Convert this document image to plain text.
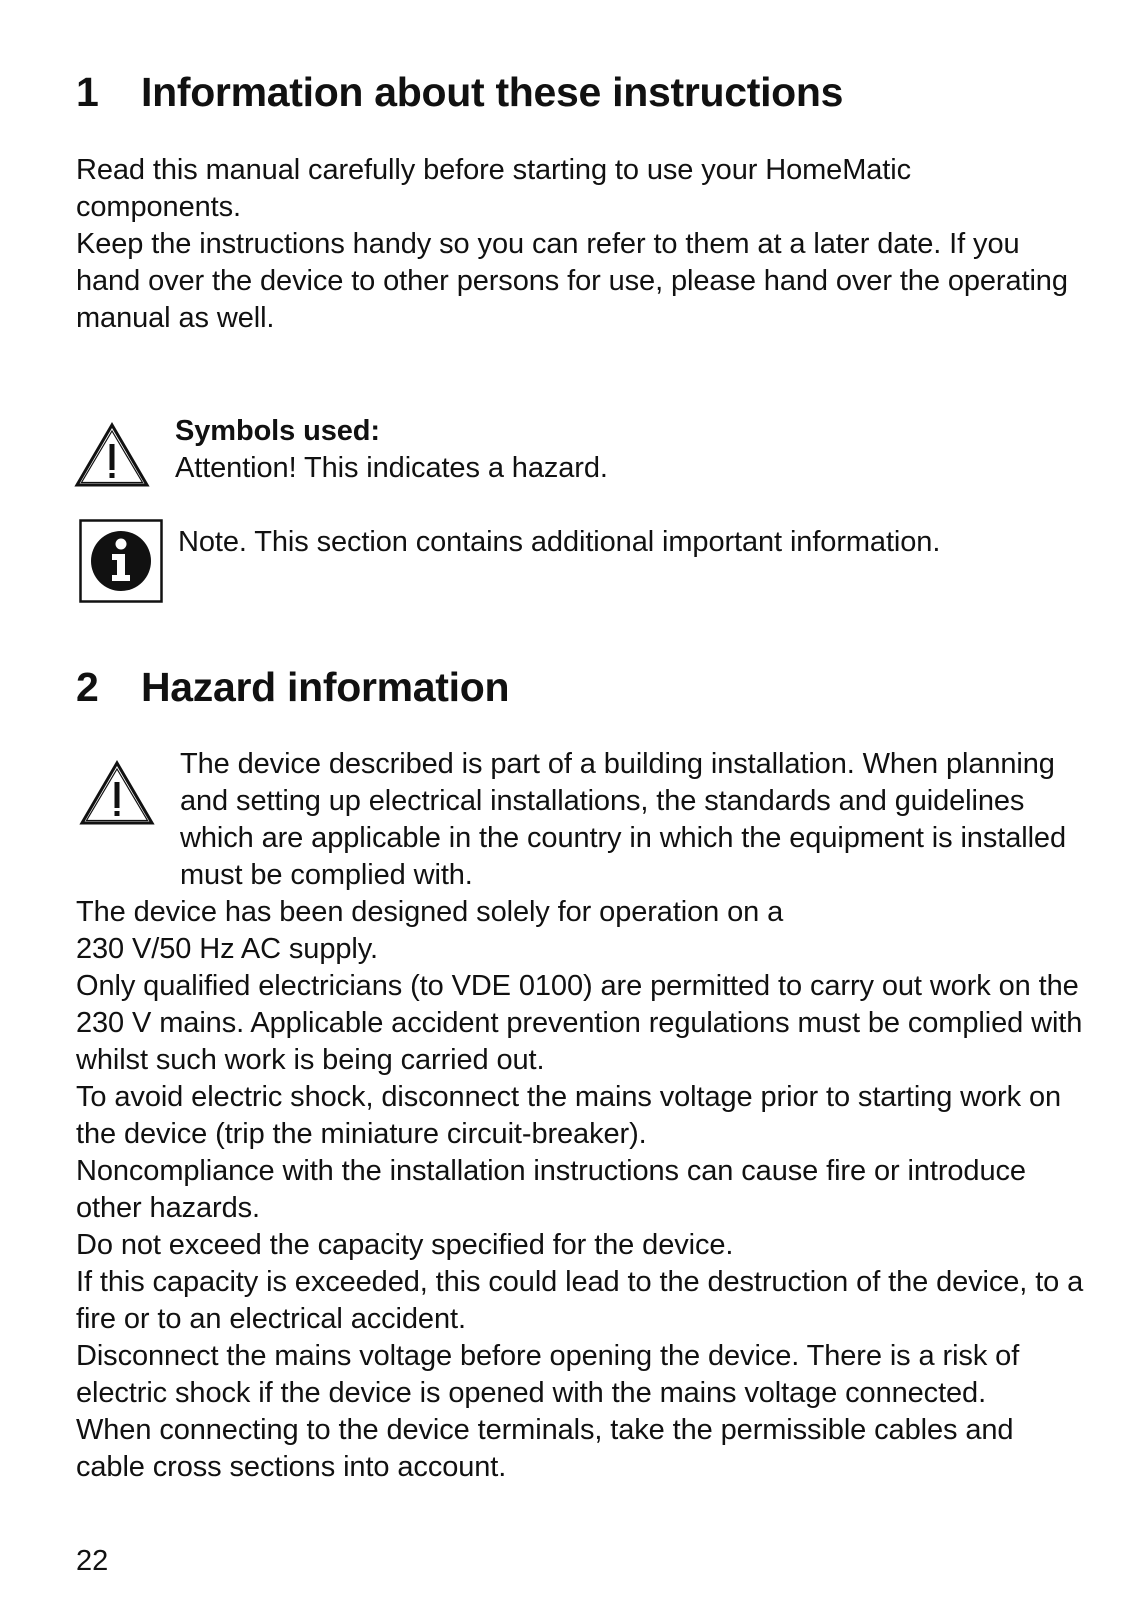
1 Information about these instructions

Read this manual carefully before starting to use your HomeMatic components.

Keep the instructions handy so you can refer to them at a later date. If you hand over the device to other persons for use, please hand over the operating manual as well.

Symbols used:

Attention! This indicates a hazard.

Note. This section contains additional important information.
2 Hazard information
The device described is part of a building installation. When planning and setting up electrical installations, the standards and guidelines which are applicable in the country in which the equipment is installed must be complied with.

The device has been designed solely for operation on a

230 V/50 Hz AC supply.

Only qualified electricians (to VDE 0100) are permitted to carry out work on the 230 V mains. Applicable accident prevention regulations must be complied with whilst such work is being carried out.

To avoid electric shock, disconnect the mains voltage prior to starting work on the device (trip the miniature circuit-breaker).

Noncompliance with the installation instructions can cause fire or introduce other hazards.

Do not exceed the capacity specified for the device.

If this capacity is exceeded, this could lead to the destruction of the device, to a fire or to an electrical accident.

Disconnect the mains voltage before opening the device. There is a risk of electric shock if the device is opened with the mains voltage connected.

When connecting to the device terminals, take the permissible cables and cable cross sections into account.

22
